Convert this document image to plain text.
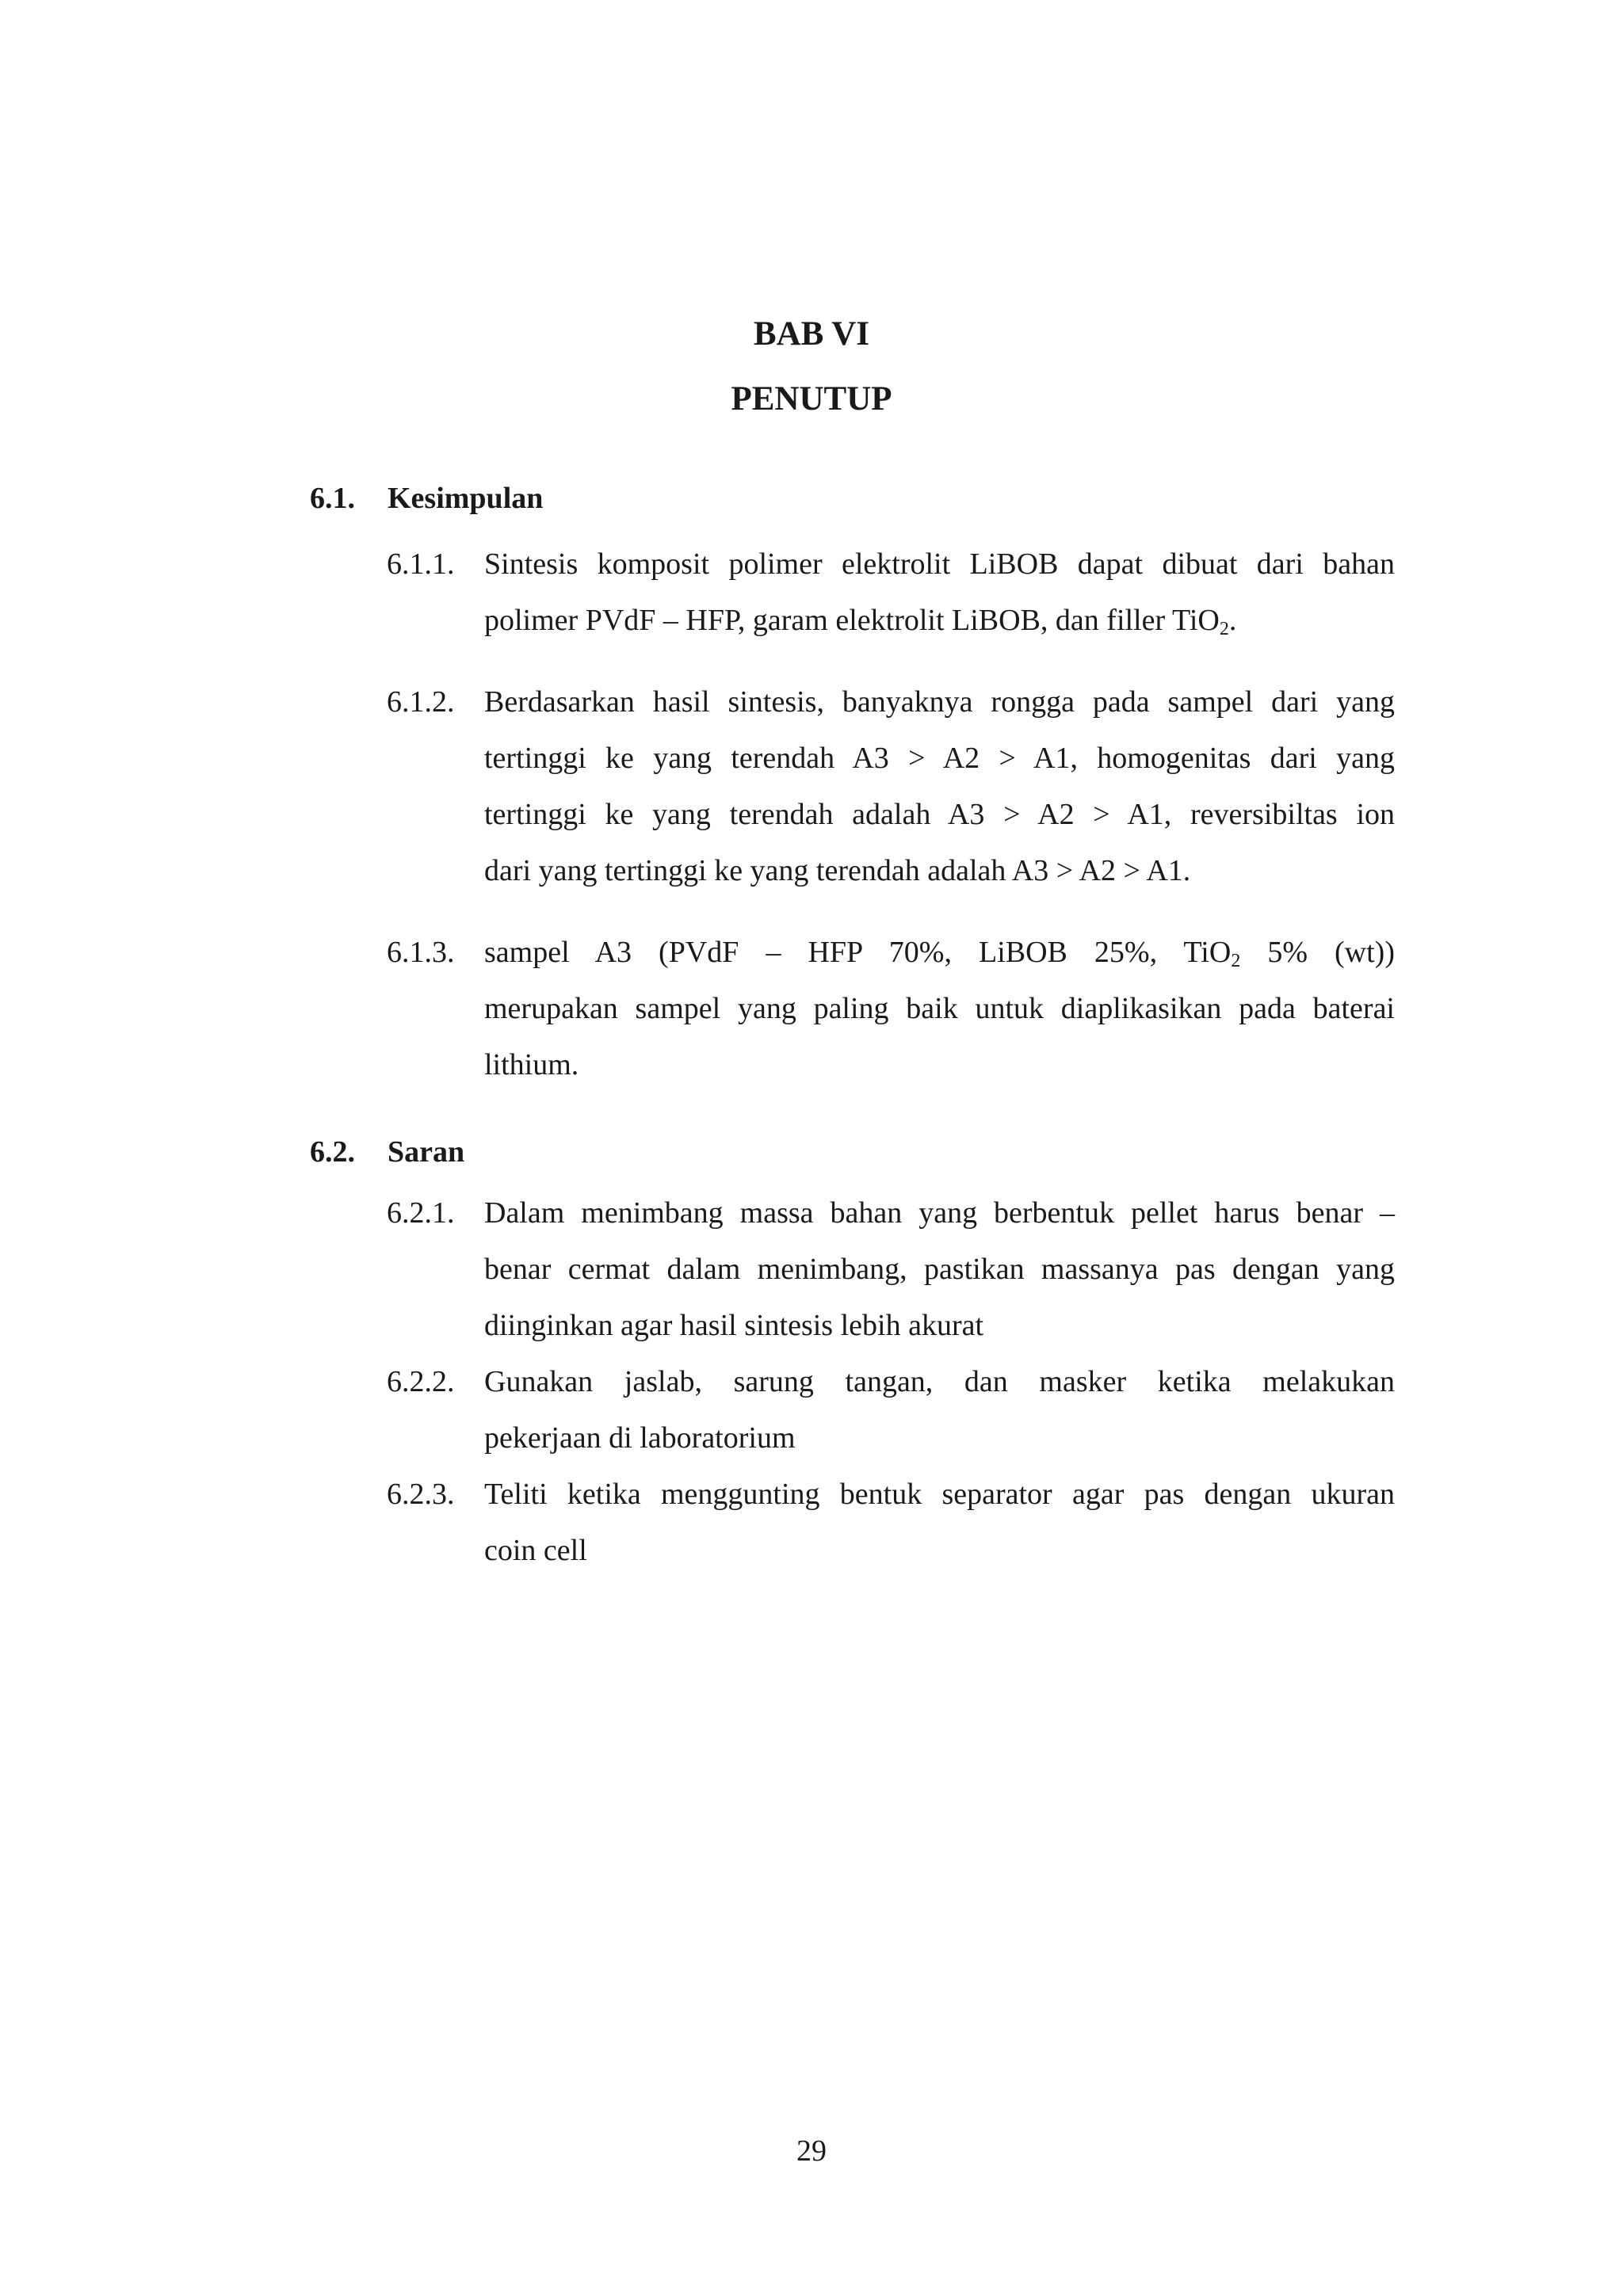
BAB VI
PENUTUP
6.1. Kesimpulan
6.1.1. Sintesis komposit polimer elektrolit LiBOB dapat dibuat dari bahan
polimer PVdF – HFP, garam elektrolit LiBOB, dan filler TiO$_2$.
6.1.2. Berdasarkan hasil sintesis, banyaknya rongga pada sampel dari yang
tertinggi ke yang terendah A3 > A2 > A1, homogenitas dari yang
tertinggi ke yang terendah adalah A3 > A2 > A1, reversibiltas ion
dari yang tertinggi ke yang terendah adalah A3 > A2 > A1.
6.1.3. sampel A3 (PVdF – HFP 70%, LiBOB 25%, TiO$_2$ 5% (wt))
merupakan sampel yang paling baik untuk diaplikasikan pada baterai
lithium.
6.2. Saran
6.2.1. Dalam menimbang massa bahan yang berbentuk pellet harus benar –
benar cermat dalam menimbang, pastikan massanya pas dengan yang
diinginkan agar hasil sintesis lebih akurat
6.2.2. Gunakan jaslab, sarung tangan, dan masker ketika melakukan
pekerjaan di laboratorium
6.2.3. Teliti ketika menggunting bentuk separator agar pas dengan ukuran
coin cell
29
